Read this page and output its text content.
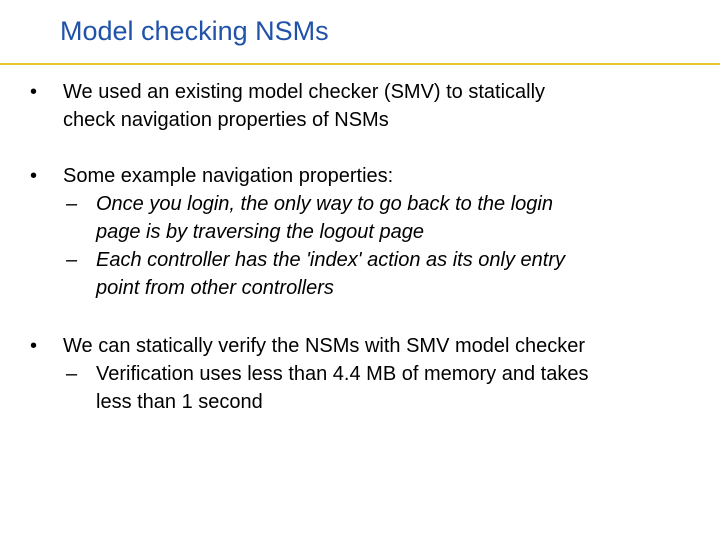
Model checking NSMs
•	We used an existing model checker (SMV) to statically
check navigation properties of NSMs
•	Some example navigation properties:
– Once you login, the only way to go back to the login
page is by traversing the logout page
– Each controller has the 'index' action as its only entry
point from other controllers
•	We can statically verify the NSMs with SMV model checker
– Verification uses less than 4.4 MB of memory and takes
less than 1 second
